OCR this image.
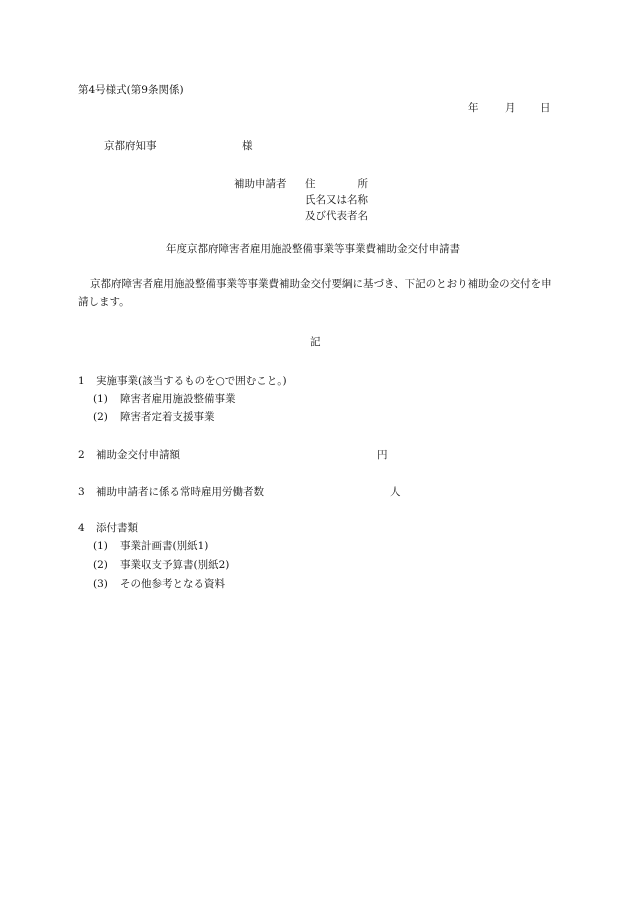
第4号様式(第9条関係)
年	月 日
京都府知事	様
補助申請者 住　　　　所
氏名又は名称
及び代表者名
年度京都府障害者雇用施設整備事業等事業費補助金交付申請書

京都府障害者雇用施設整備事業等事業費補助金交付要綱に基づき、下記のとおり補助金の交付を申請します。

記
1 実施事業(該当するものを○で囲むこと。)
(1) 障害者雇用施設整備事業
(2) 障害者定着支援事業
2 補助金交付申請額	円
3 補助申請者に係る常時雇用労働者数	人
4 添付書類
(1) 事業計画書(別紙1)
(2) 事業収支予算書(別紙2)
(3) その他参考となる資料
